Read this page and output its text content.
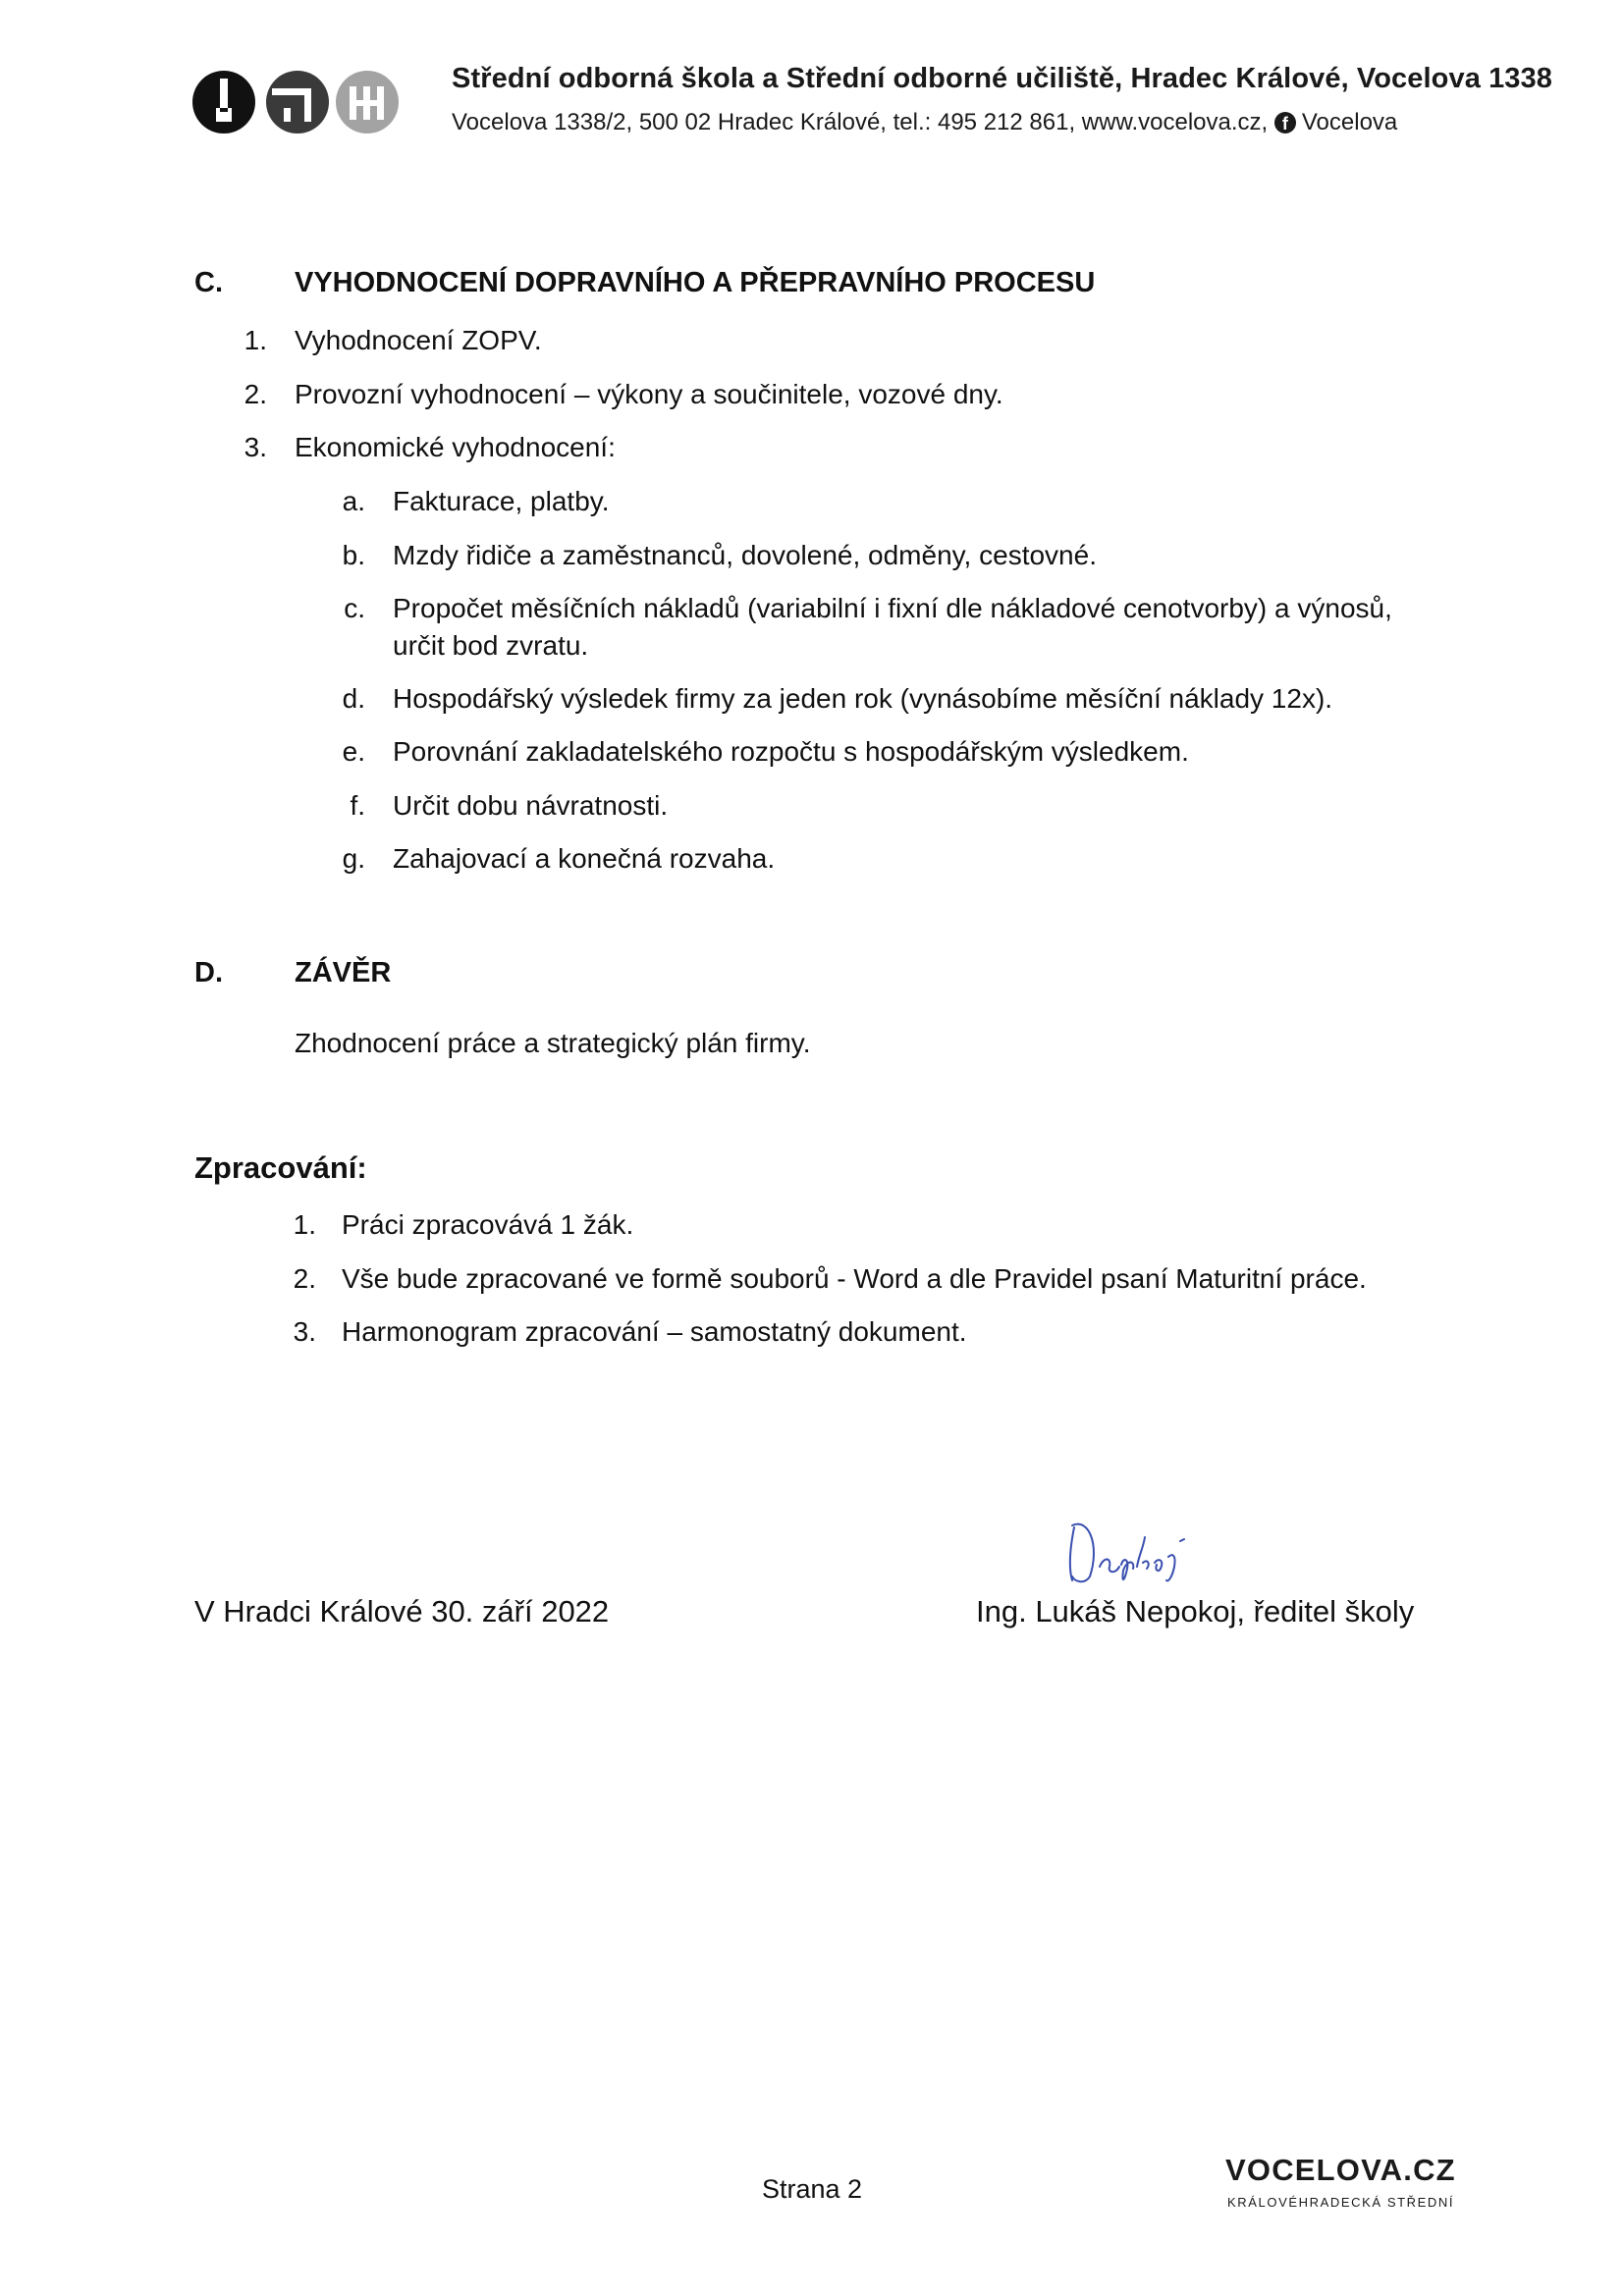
Střední odborná škola a Střední odborné učiliště, Hradec Králové, Vocelova 1338
Vocelova 1338/2, 500 02 Hradec Králové, tel.: 495 212 861, www.vocelova.cz, f Vocelova
C.	VYHODNOCENÍ DOPRAVNÍHO A PŘEPRAVNÍHO PROCESU
1. Vyhodnocení ZOPV.
2. Provozní vyhodnocení – výkony a součinitele, vozové dny.
3. Ekonomické vyhodnocení:
a. Fakturace, platby.
b. Mzdy řidiče a zaměstnanců, dovolené, odměny, cestovné.
c. Propočet měsíčních nákladů (variabilní i fixní dle nákladové cenotvorby) a výnosů,
určit bod zvratu.
d. Hospodářský výsledek firmy za jeden rok (vynásobíme měsíční náklady 12x).
e. Porovnání zakladatelského rozpočtu s hospodářským výsledkem.
f. Určit dobu návratnosti.
g. Zahajovací a konečná rozvaha.
D.	ZÁVĚR
Zhodnocení práce a strategický plán firmy.
Zpracování:
1. Práci zpracovává 1 žák.
2. Vše bude zpracované ve formě souborů - Word a dle Pravidel psaní Maturitní práce.
3. Harmonogram zpracování – samostatný dokument.
V Hradci Králové 30. září 2022	Ing. Lukáš Nepokoj, ředitel školy
Strana 2
VOCELOVA.CZ
KRÁLOVÉHRADECKÁ STŘEDNÍ
